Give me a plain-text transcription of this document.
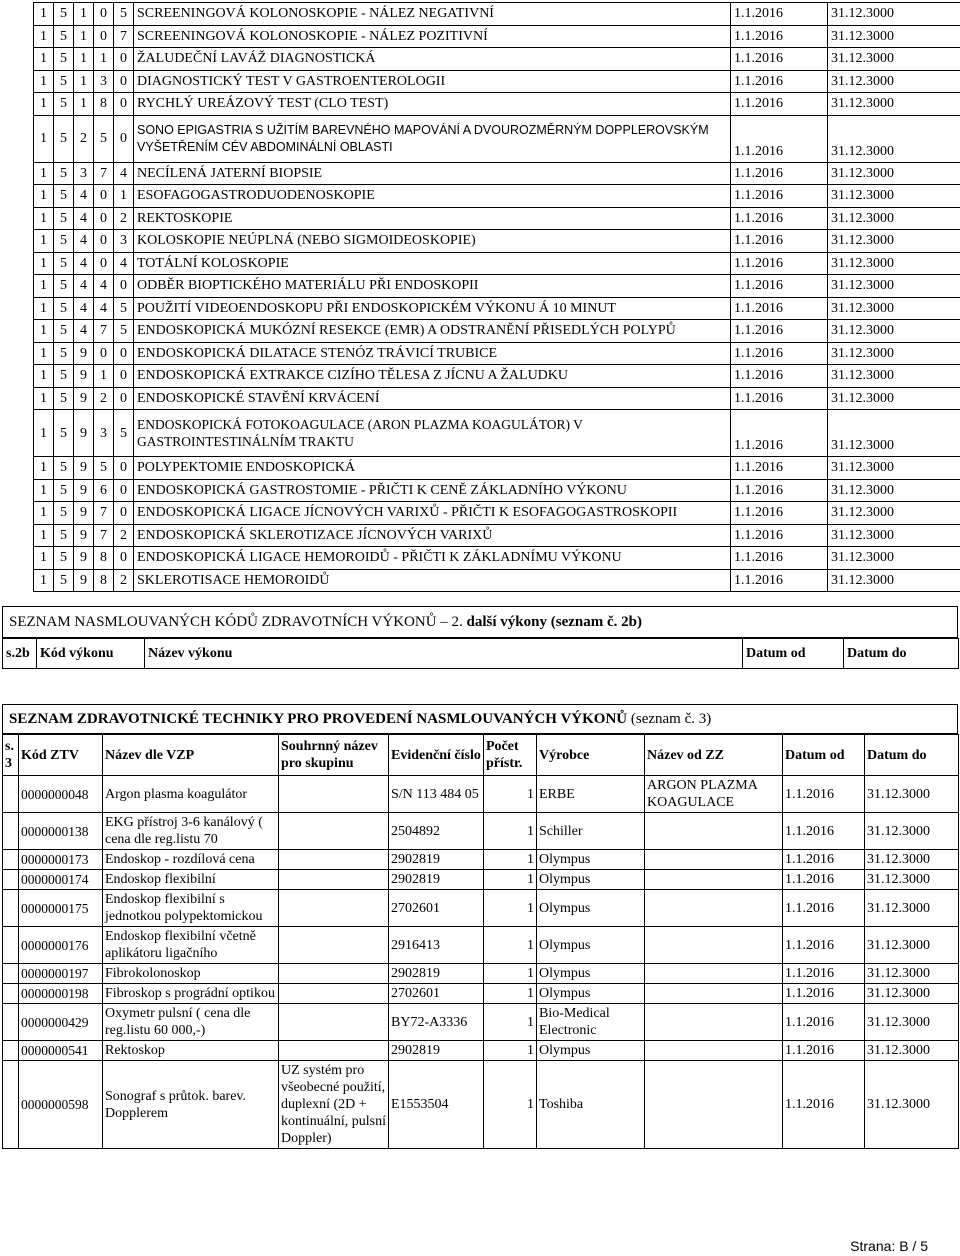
1	5	1	0	5	SCREENINGOVÁ KOLONOSKOPIE - NÁLEZ NEGATIVNÍ	1.1.2016	31.12.3000
1	5	1	0	7	SCREENINGOVÁ KOLONOSKOPIE - NÁLEZ POZITIVNÍ	1.1.2016	31.12.3000
1	5	1	1	0	ŽALUDEČNÍ LAVÁŽ DIAGNOSTICKÁ	1.1.2016	31.12.3000
1	5	1	3	0	DIAGNOSTICKÝ TEST V GASTROENTEROLOGII	1.1.2016	31.12.3000
1	5	1	8	0	RYCHLÝ UREÁZOVÝ TEST (CLO TEST)	1.1.2016	31.12.3000
1	5	2	5	0	SONO EPIGASTRIA S UŽITÍM BAREVNÉHO MAPOVÁNÍ A DVOUROZMĚRNÝM DOPPLEROVSKÝM VYŠETŘENÍM CÉV ABDOMINÁLNÍ OBLASTI	1.1.2016	31.12.3000
1	5	3	7	4	NECÍLENÁ JATERNÍ BIOPSIE	1.1.2016	31.12.3000
1	5	4	0	1	ESOFAGOGASTRODUODENOSKOPIE	1.1.2016	31.12.3000
1	5	4	0	2	REKTOSKOPIE	1.1.2016	31.12.3000
1	5	4	0	3	KOLOSKOPIE NEÚPLNÁ (NEBO SIGMOIDEOSKOPIE)	1.1.2016	31.12.3000
1	5	4	0	4	TOTÁLNÍ KOLOSKOPIE	1.1.2016	31.12.3000
1	5	4	4	0	ODBĚR BIOPTICKÉHO MATERIÁLU PŘI ENDOSKOPII	1.1.2016	31.12.3000
1	5	4	4	5	POUŽITÍ VIDEOENDOSKOPU PŘI ENDOSKOPICKÉM VÝKONU Á 10 MINUT	1.1.2016	31.12.3000
1	5	4	7	5	ENDOSKOPICKÁ MUKÓZNÍ RESEKCE (EMR) A ODSTRANĚNÍ PŘISEDLÝCH POLYPŮ	1.1.2016	31.12.3000
1	5	9	0	0	ENDOSKOPICKÁ DILATACE STENÓZ TRÁVICÍ TRUBICE	1.1.2016	31.12.3000
1	5	9	1	0	ENDOSKOPICKÁ EXTRAKCE CIZÍHO TĚLESA Z JÍCNU A ŽALUDKU	1.1.2016	31.12.3000
1	5	9	2	0	ENDOSKOPICKÉ STAVĚNÍ KRVÁCENÍ	1.1.2016	31.12.3000
1	5	9	3	5	ENDOSKOPICKÁ FOTOKOAGULACE (ARON PLAZMA KOAGULÁTOR) V GASTROINTESTINÁLNÍM TRAKTU	1.1.2016	31.12.3000
1	5	9	5	0	POLYPEKTOMIE ENDOSKOPICKÁ	1.1.2016	31.12.3000
1	5	9	6	0	ENDOSKOPICKÁ GASTROSTOMIE - PŘIČTI K CENĚ ZÁKLADNÍHO VÝKONU	1.1.2016	31.12.3000
1	5	9	7	0	ENDOSKOPICKÁ LIGACE JÍCNOVÝCH VARIXŮ - PŘIČTI K ESOFAGOGASTROSKOPII	1.1.2016	31.12.3000
1	5	9	7	2	ENDOSKOPICKÁ SKLEROTIZACE JÍCNOVÝCH VARIXŮ	1.1.2016	31.12.3000
1	5	9	8	0	ENDOSKOPICKÁ LIGACE HEMOROIDŮ - PŘIČTI K ZÁKLADNÍMU VÝKONU	1.1.2016	31.12.3000
1	5	9	8	2	SKLEROTISACE HEMOROIDŮ	1.1.2016	31.12.3000
SEZNAM NASMLOUVANÝCH KÓDŮ ZDRAVOTNÍCH VÝKONŮ – 2. další výkony (seznam č. 2b)
s.2b	Kód výkonu	Název výkonu	Datum od	Datum do
SEZNAM ZDRAVOTNICKÉ TECHNIKY PRO PROVEDENÍ NASMLOUVANÝCH VÝKONŮ (seznam č. 3)
s. 3	Kód ZTV	Název dle VZP	Souhrnný název pro skupinu	Evidenční číslo	Počet přístr.	Výrobce	Název od ZZ	Datum od	Datum do
	0000000048	Argon plasma koagulátor		S/N 113 484 05	1	ERBE	ARGON PLAZMA KOAGULACE	1.1.2016	31.12.3000
	0000000138	EKG přístroj 3-6 kanálový ( cena dle reg.listu 70		2504892	1	Schiller		1.1.2016	31.12.3000
	0000000173	Endoskop - rozdílová cena		2902819	1	Olympus		1.1.2016	31.12.3000
	0000000174	Endoskop flexibilní		2902819	1	Olympus		1.1.2016	31.12.3000
	0000000175	Endoskop flexibilní s jednotkou polypektomickou		2702601	1	Olympus		1.1.2016	31.12.3000
	0000000176	Endoskop flexibilní včetně aplikátoru ligačního		2916413	1	Olympus		1.1.2016	31.12.3000
	0000000197	Fibrokolonoskop		2902819	1	Olympus		1.1.2016	31.12.3000
	0000000198	Fibroskop s prográdní optikou		2702601	1	Olympus		1.1.2016	31.12.3000
	0000000429	Oxymetr pulsní ( cena dle reg.listu 60 000,-)		BY72-A3336	1	Bio-Medical Electronic		1.1.2016	31.12.3000
	0000000541	Rektoskop		2902819	1	Olympus		1.1.2016	31.12.3000
	0000000598	Sonograf s průtok. barev. Dopplerem	UZ systém pro všeobecné použití, duplexní (2D + kontinuální, pulsní Doppler)	E1553504	1	Toshiba		1.1.2016	31.12.3000
Strana: B / 5
